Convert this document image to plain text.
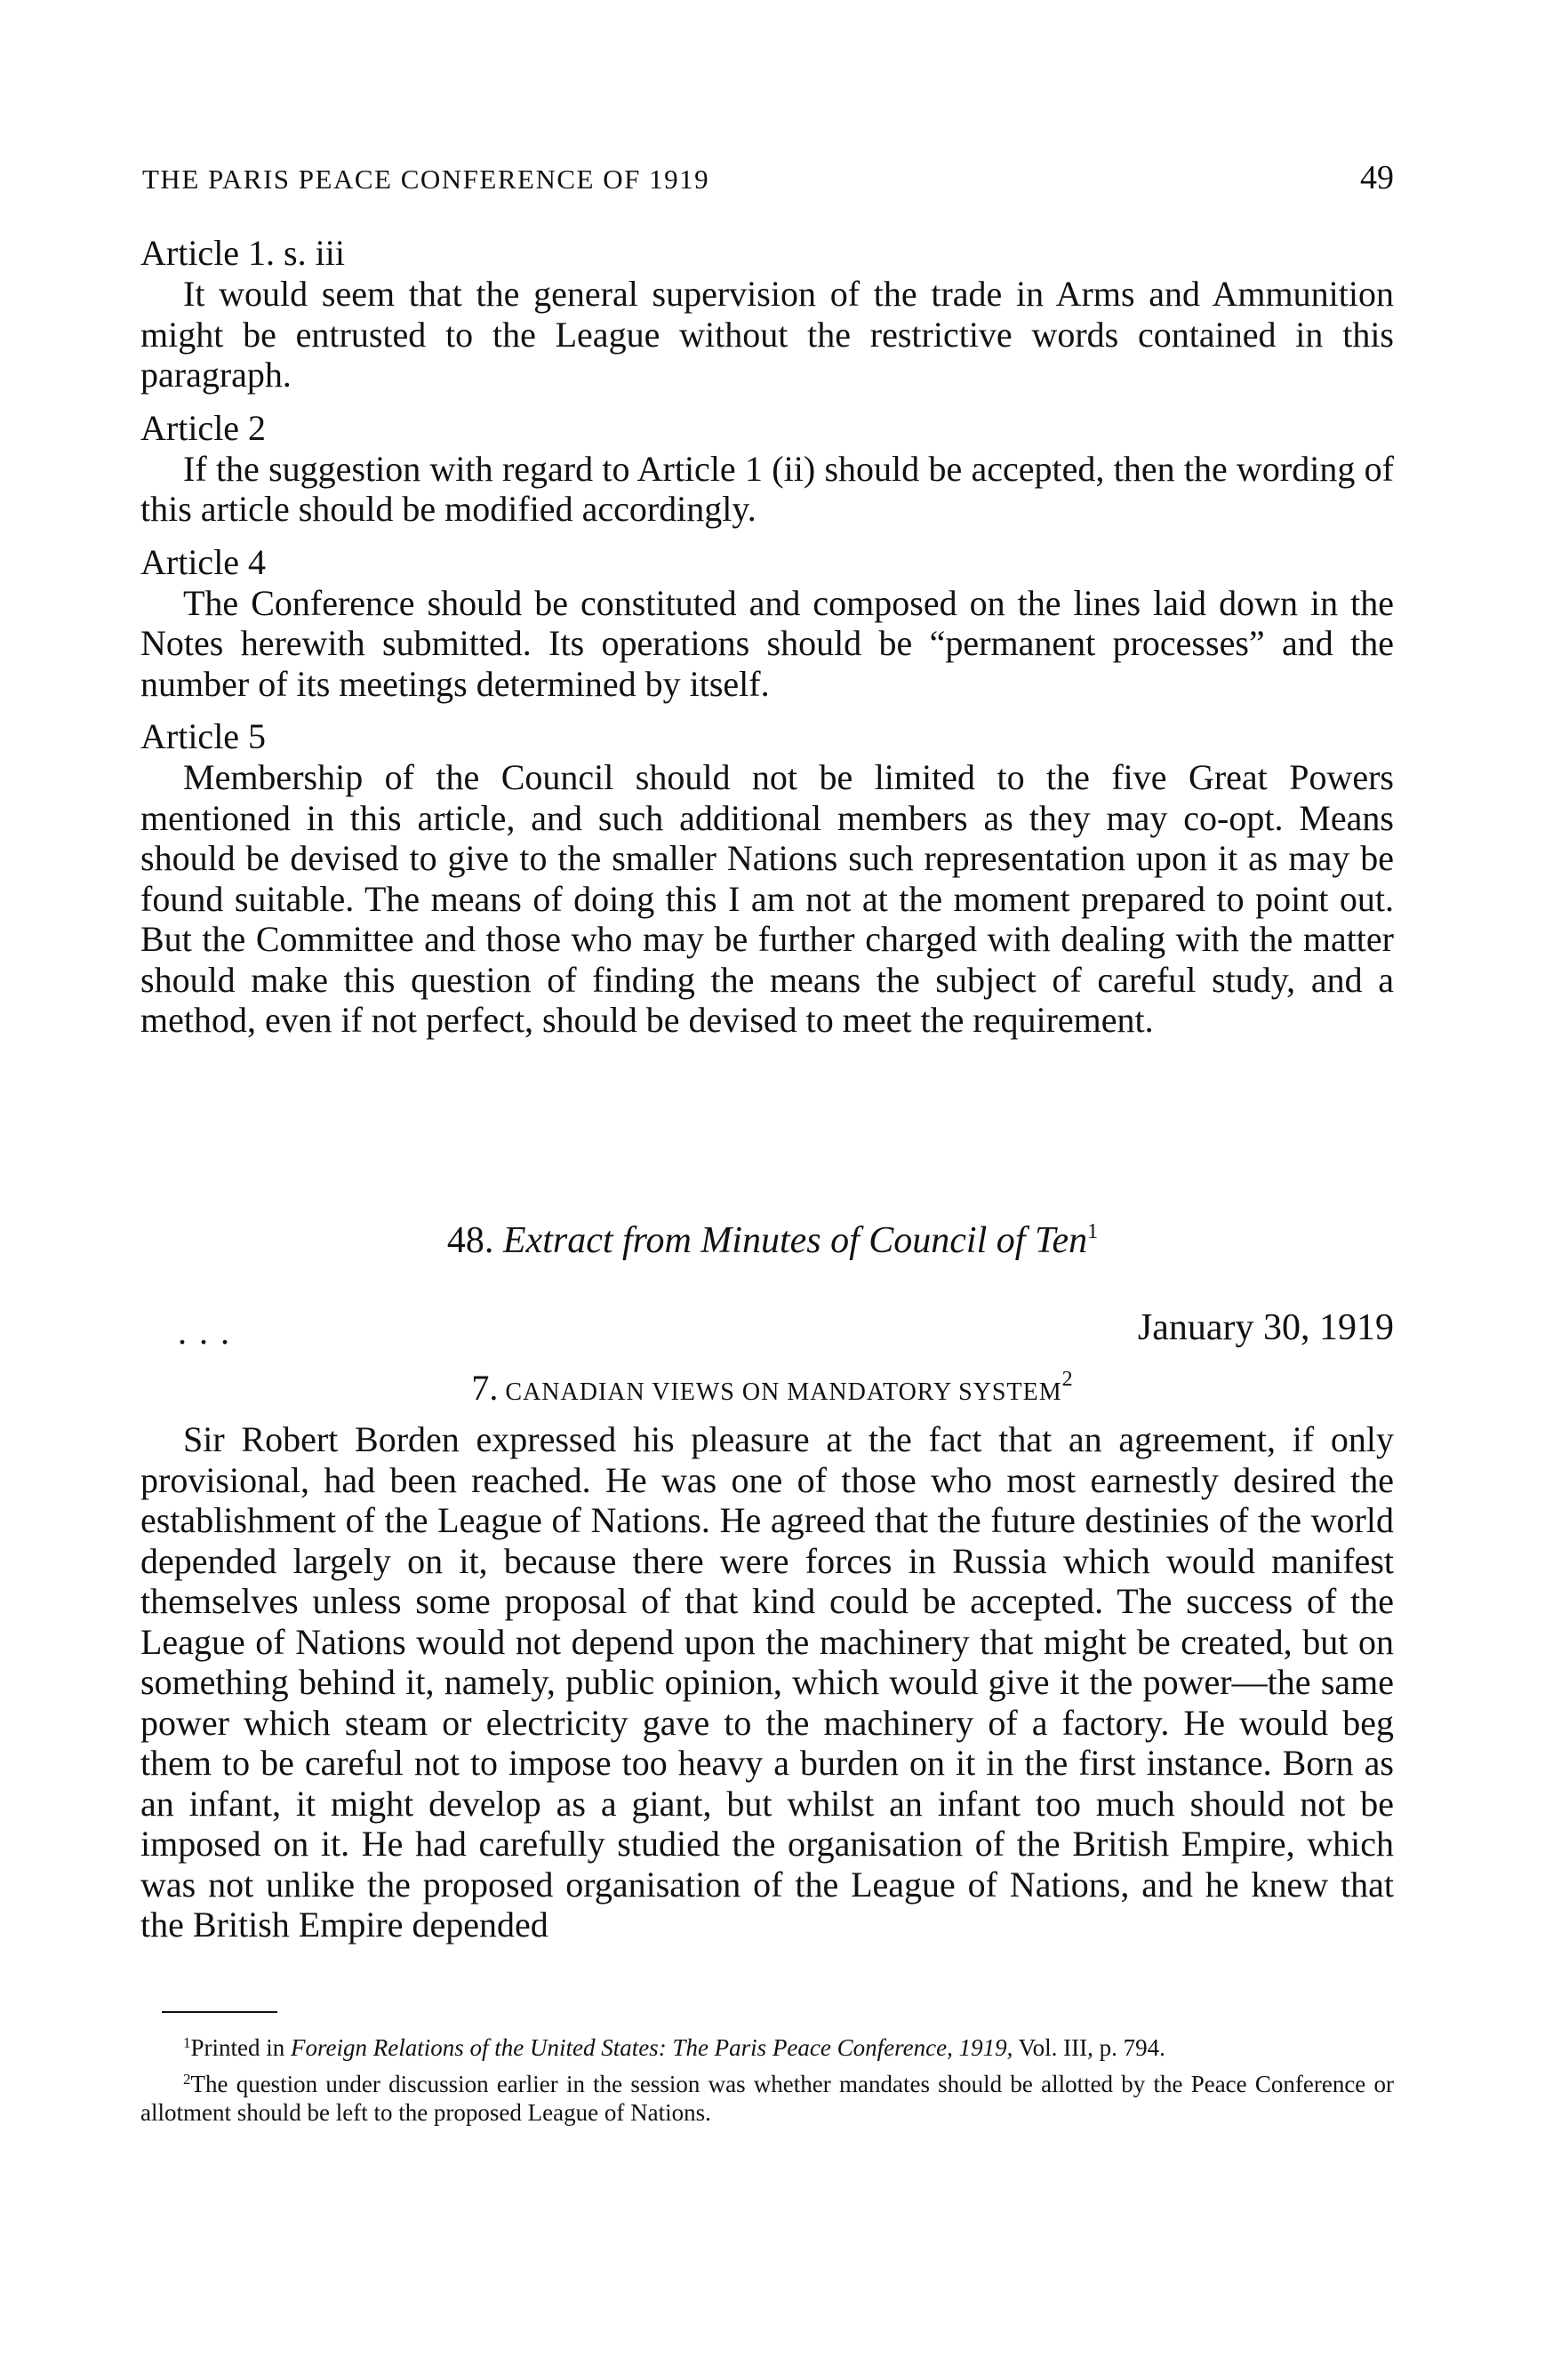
THE PARIS PEACE CONFERENCE OF 1919	49

Article 1. s. iii

It would seem that the general supervision of the trade in Arms and Ammunition might be entrusted to the League without the restrictive words contained in this paragraph.

Article 2

If the suggestion with regard to Article 1 (ii) should be accepted, then the wording of this article should be modified accordingly.

Article 4

The Conference should be constituted and composed on the lines laid down in the Notes herewith submitted. Its operations should be “permanent processes” and the number of its meetings determined by itself.

Article 5

Membership of the Council should not be limited to the five Great Powers mentioned in this article, and such additional members as they may co-opt. Means should be devised to give to the smaller Nations such representation upon it as may be found suitable. The means of doing this I am not at the moment prepared to point out. But the Committee and those who may be further charged with dealing with the matter should make this question of finding the means the subject of careful study, and a method, even if not perfect, should be devised to meet the requirement.

48. Extract from Minutes of Council of Ten$^1$
...	January 30, 1919
7. CANADIAN VIEWS ON MANDATORY SYSTEM$^2$

Sir Robert Borden expressed his pleasure at the fact that an agreement, if only provisional, had been reached. He was one of those who most earnestly desired the establishment of the League of Nations. He agreed that the future destinies of the world depended largely on it, because there were forces in Russia which would manifest themselves unless some proposal of that kind could be accepted. The success of the League of Nations would not depend upon the machinery that might be created, but on something behind it, namely, public opinion, which would give it the power—the same power which steam or electricity gave to the machinery of a factory. He would beg them to be careful not to impose too heavy a burden on it in the first instance. Born as an infant, it might develop as a giant, but whilst an infant too much should not be imposed on it. He had carefully studied the organisation of the British Empire, which was not unlike the proposed organisation of the League of Nations, and he knew that the British Empire depended

$^1$Printed in Foreign Relations of the United States: The Paris Peace Conference, 1919, Vol. III, p. 794.

$^2$The question under discussion earlier in the session was whether mandates should be allotted by the Peace Conference or allotment should be left to the proposed League of Nations.
